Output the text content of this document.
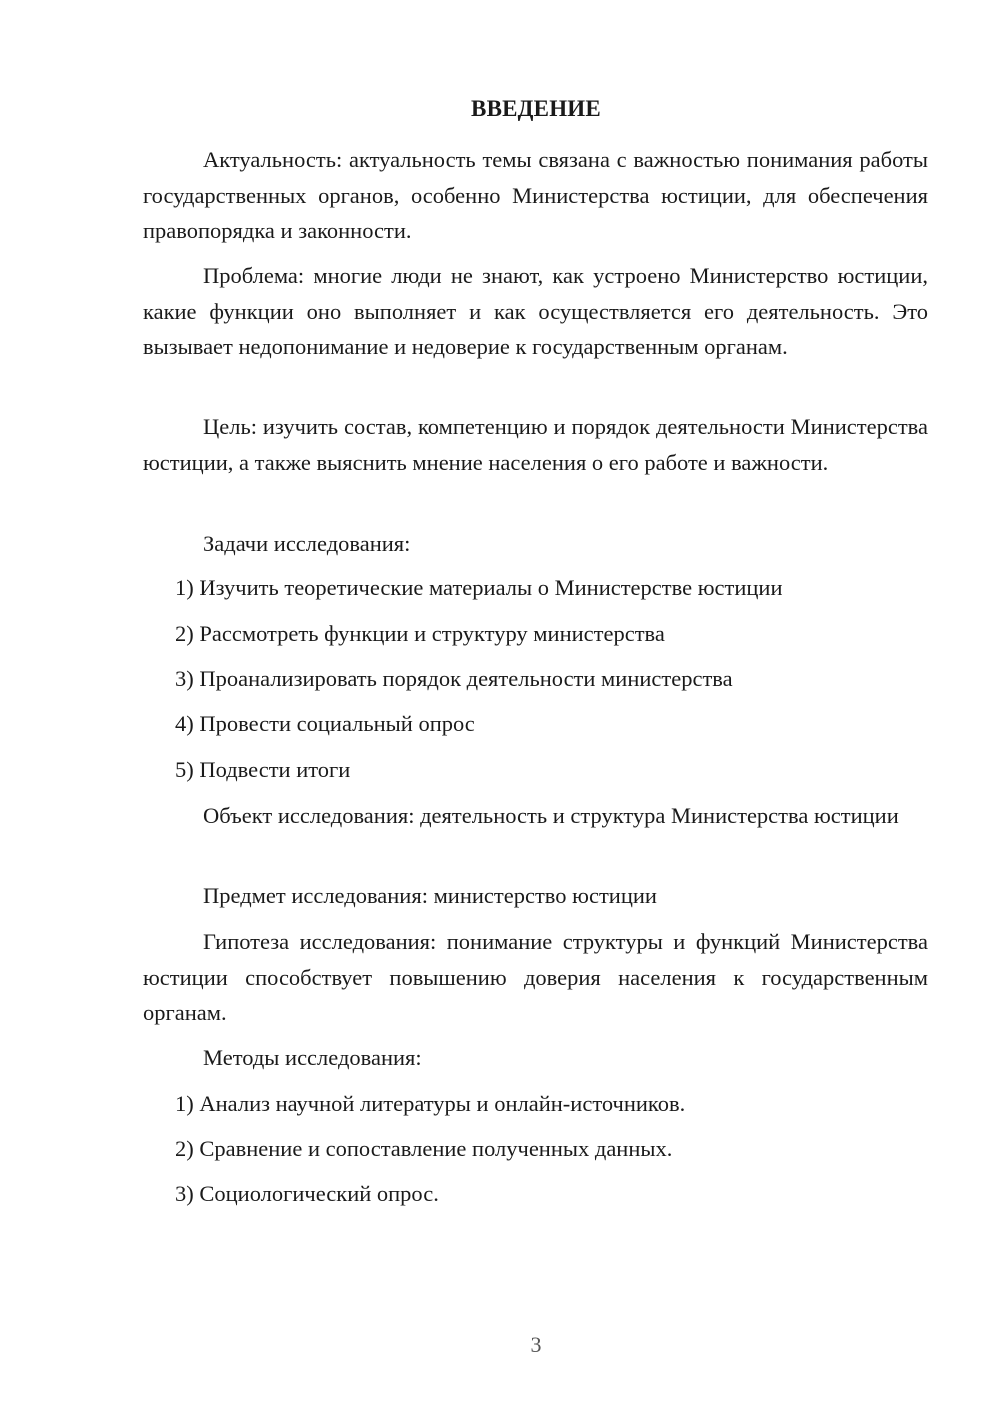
ВВЕДЕНИЕ

Актуальность: актуальность темы связана с важностью понимания работы государственных органов, особенно Министерства юстиции, для обеспечения правопорядка и законности.

Проблема: многие люди не знают, как устроено Министерство юстиции, какие функции оно выполняет и как осуществляется его деятельность. Это вызывает недопонимание и недоверие к государственным органам.

Цель: изучить состав, компетенцию и порядок деятельности Министерства юстиции, а также выяснить мнение населения о его работе и важности.

Задачи исследования:

1) Изучить теоретические материалы о Министерстве юстиции

2) Рассмотреть функции и структуру министерства

3) Проанализировать порядок деятельности министерства

4) Провести социальный опрос

5) Подвести итоги

Объект исследования: деятельность и структура Министерства юстиции

Предмет исследования: министерство юстиции

Гипотеза исследования: понимание структуры и функций Министерства юстиции способствует повышению доверия населения к государственным органам.

Методы исследования:

1) Анализ научной литературы и онлайн-источников.

2) Сравнение и сопоставление полученных данных.

3) Социологический опрос.

3
